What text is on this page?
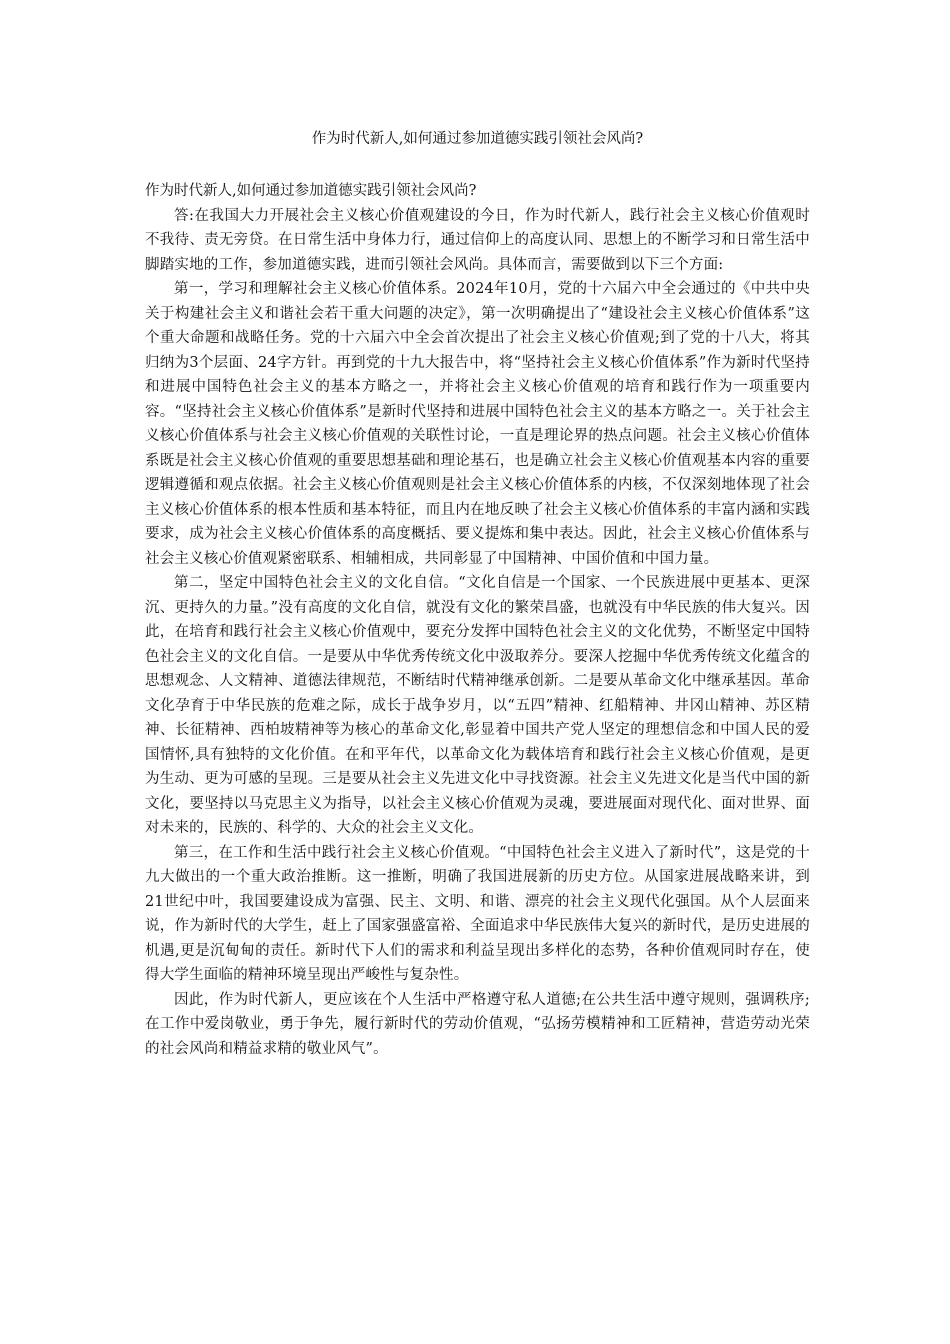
作为时代新人,如何通过参加道德实践引领社会风尚?

作为时代新人,如何通过参加道德实践引领社会风尚?

答:在我国大力开展社会主义核心价值观建设的今日，作为时代新人，践行社会主义核心价值观时不我待、责无旁贷。在日常生活中身体力行，通过信仰上的高度认同、思想上的不断学习和日常生活中脚踏实地的工作，参加道德实践，进而引领社会风尚。具体而言，需要做到以下三个方面:

第一，学习和理解社会主义核心价值体系。2024年10月，党的十六届六中全会通过的《中共中央关于构建社会主义和谐社会若干重大问题的决定》，第一次明确提出了“建设社会主义核心价值体系”这个重大命题和战略任务。党的十六届六中全会首次提出了社会主义核心价值观;到了党的十八大，将其归纳为3个层面、24字方针。再到党的十九大报告中，将“坚持社会主义核心价值体系”作为新时代坚持和进展中国特色社会主义的基本方略之一，并将社会主义核心价值观的培育和践行作为一项重要内容。“坚持社会主义核心价值体系”是新时代坚持和进展中国特色社会主义的基本方略之一。关于社会主义核心价值体系与社会主义核心价值观的关联性讨论，一直是理论界的热点问题。社会主义核心价值体系既是社会主义核心价值观的重要思想基础和理论基石，也是确立社会主义核心价值观基本内容的重要逻辑遵循和观点依据。社会主义核心价值观则是社会主义核心价值体系的内核，不仅深刻地体现了社会主义核心价值体系的根本性质和基本特征，而且内在地反映了社会主义核心价值体系的丰富内涵和实践要求，成为社会主义核心价值体系的高度概括、要义提炼和集中表达。因此，社会主义核心价值体系与社会主义核心价值观紧密联系、相辅相成，共同彰显了中国精神、中国价值和中国力量。

第二，坚定中国特色社会主义的文化自信。“文化自信是一个国家、一个民族进展中更基本、更深沉、更持久的力量。”没有高度的文化自信，就没有文化的繁荣昌盛，也就没有中华民族的伟大复兴。因此，在培育和践行社会主义核心价值观中，要充分发挥中国特色社会主义的文化优势，不断坚定中国特色社会主义的文化自信。一是要从中华优秀传统文化中汲取养分。要深人挖掘中华优秀传统文化蕴含的思想观念、人文精神、道德法律规范，不断结时代精神继承创新。二是要从革命文化中继承基因。革命文化孕育于中华民族的危难之际，成长于战争岁月，以“五四”精神、红船精神、井冈山精神、苏区精神、长征精神、西柏坡精神等为核心的革命文化,彰显着中国共产党人坚定的理想信念和中国人民的爱国情怀,具有独特的文化价值。在和平年代，以革命文化为载体培育和践行社会主义核心价值观，是更为生动、更为可感的呈现。三是要从社会主义先进文化中寻找资源。社会主义先进文化是当代中国的新文化，要坚持以马克思主义为指导，以社会主义核心价值观为灵魂，要进展面对现代化、面对世界、面对未来的，民族的、科学的、大众的社会主义文化。

第三，在工作和生活中践行社会主义核心价值观。“中国特色社会主义进入了新时代”，这是党的十九大做出的一个重大政治推断。这一推断，明确了我国进展新的历史方位。从国家进展战略来讲，到21世纪中叶，我国要建设成为富强、民主、文明、和谐、漂亮的社会主义现代化强国。从个人层面来说，作为新时代的大学生，赶上了国家强盛富裕、全面追求中华民族伟大复兴的新时代，是历史进展的机遇,更是沉甸甸的责任。新时代下人们的需求和利益呈现出多样化的态势，各种价值观同时存在，使得大学生面临的精神环境呈现出严峻性与复杂性。

因此，作为时代新人，更应该在个人生活中严格遵守私人道德;在公共生活中遵守规则，强调秩序;在工作中爱岗敬业，勇于争先，履行新时代的劳动价值观，“弘扬劳模精神和工匠精神，营造劳动光荣的社会风尚和精益求精的敬业风气”。
